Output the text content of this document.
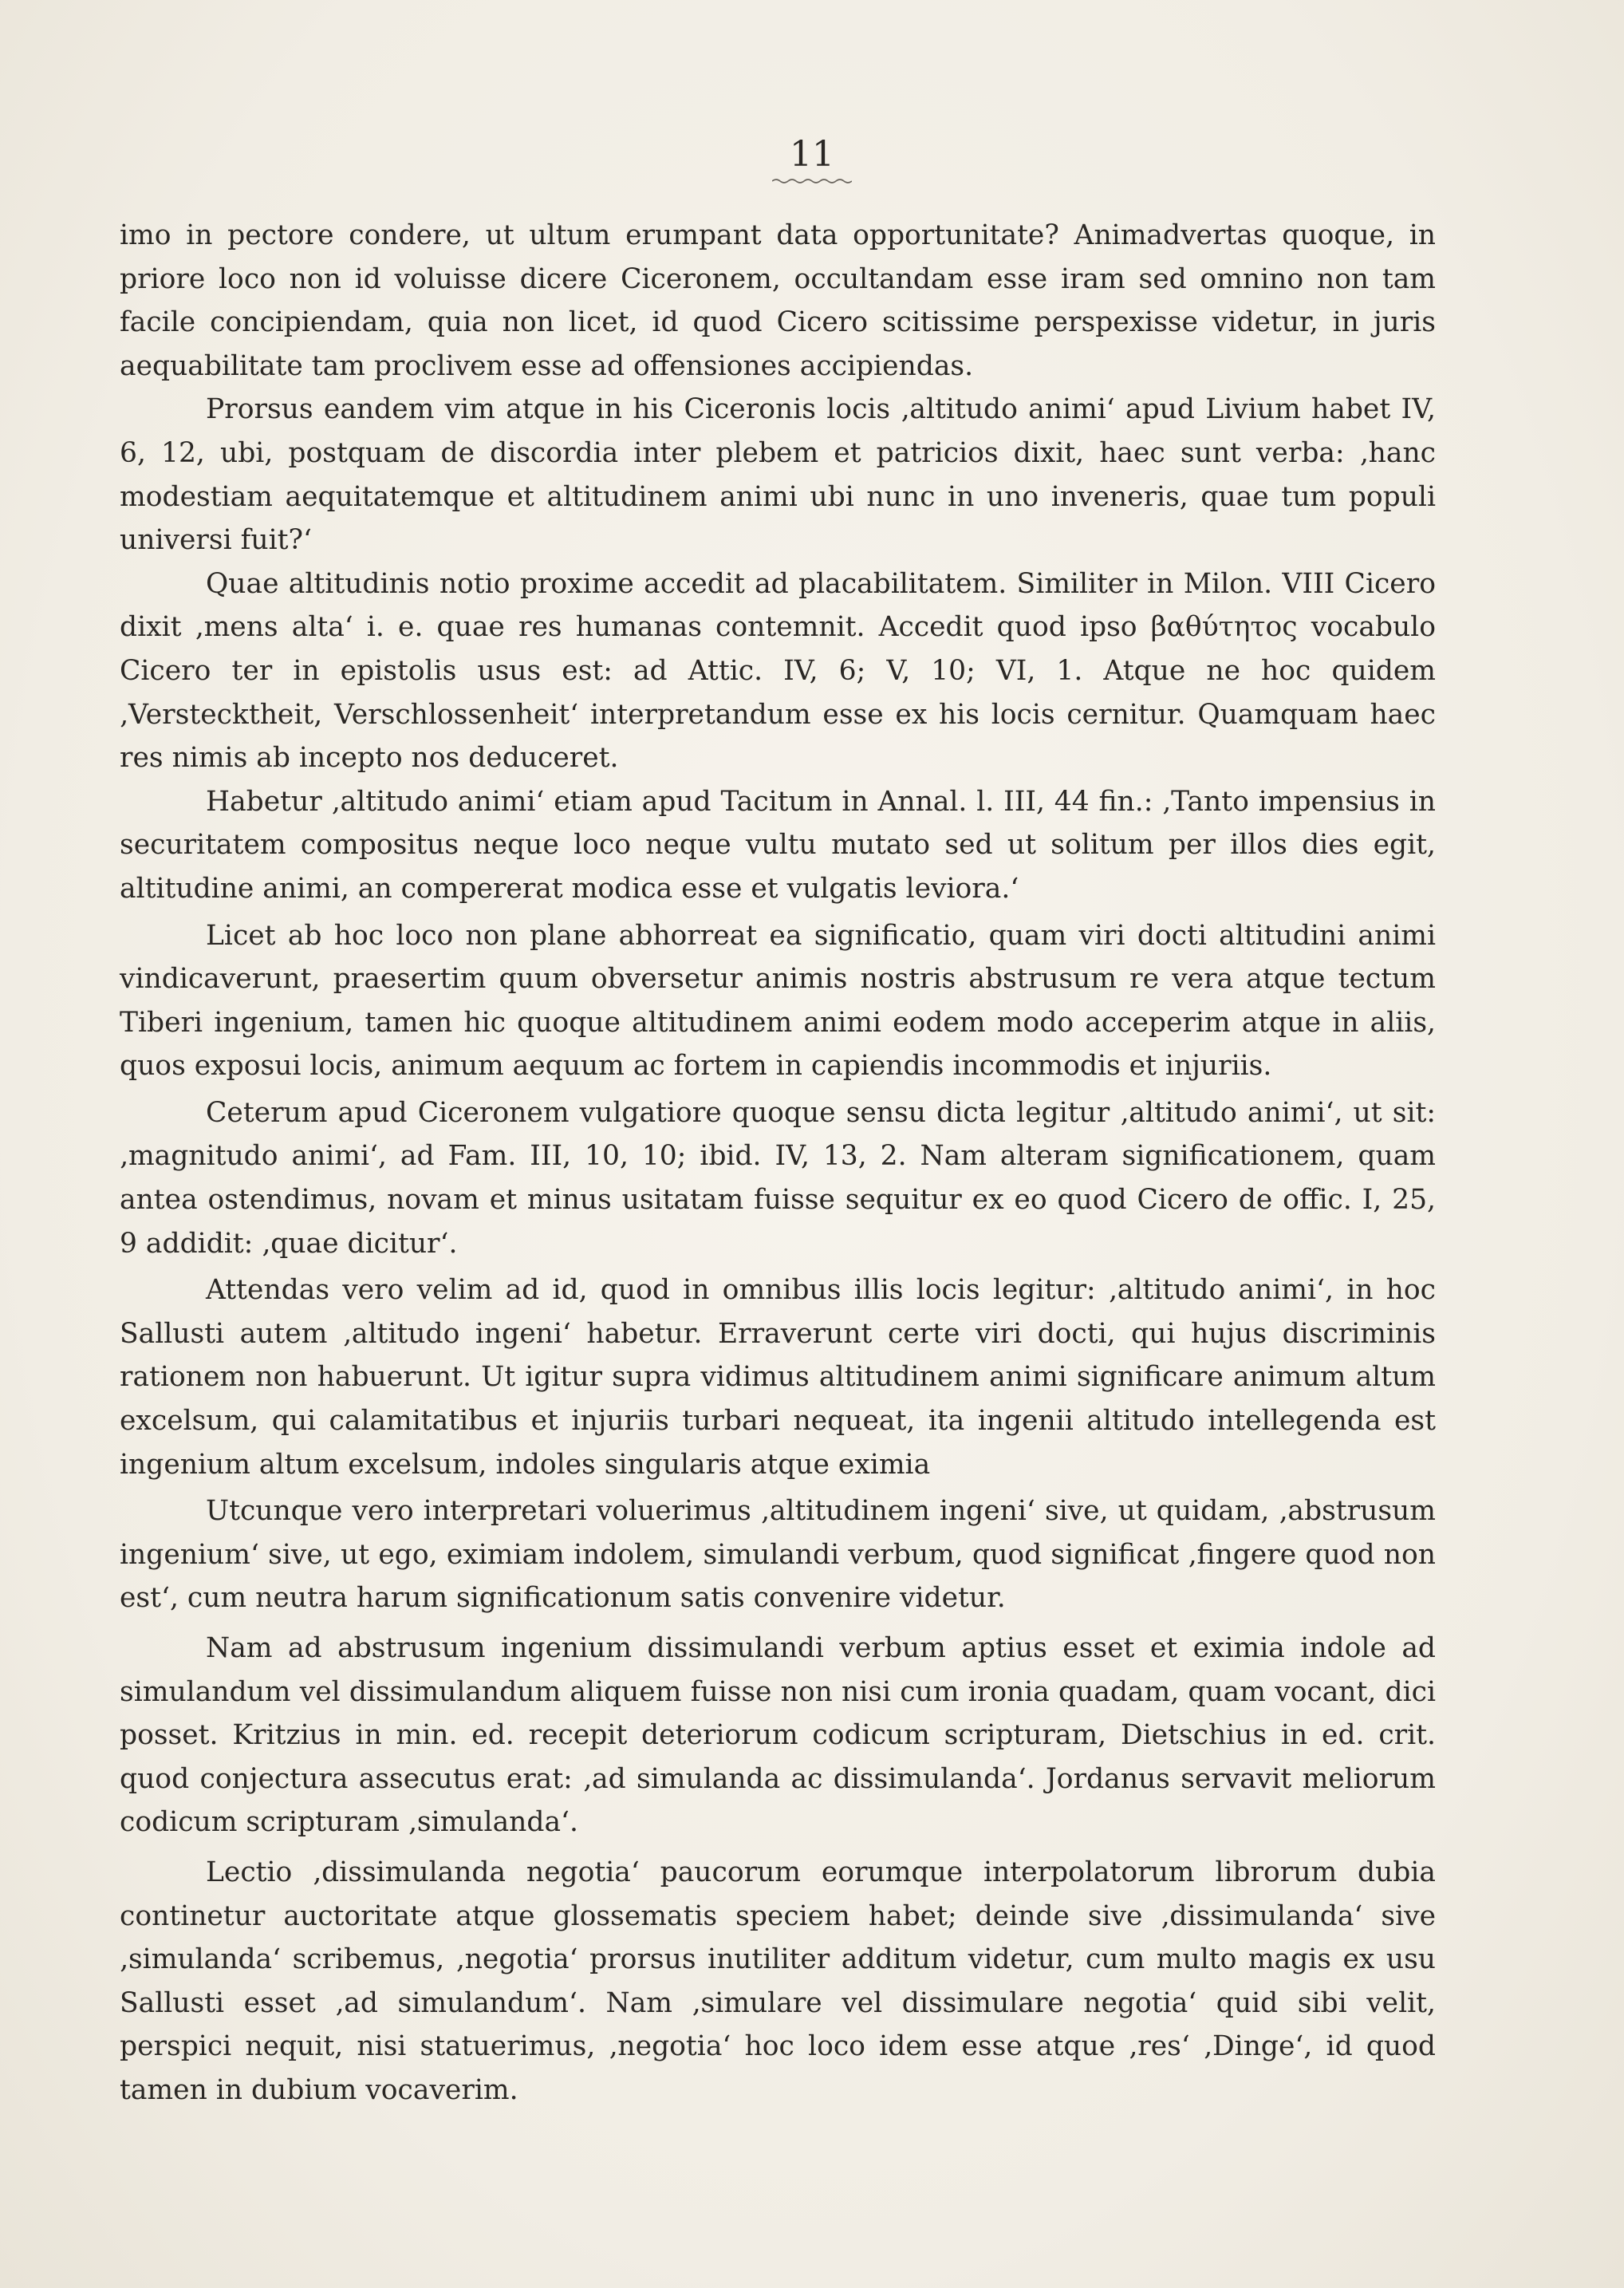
11

imo in pectore condere, ut ultum erumpant data opportunitate? Animadvertas quoque, in priore loco non id voluisse dicere Ciceronem, occultandam esse iram sed omnino non tam facile concipiendam, quia non licet, id quod Cicero scitissime perspexisse videtur, in juris aequabilitate tam proclivem esse ad offensiones accipiendas.

Prorsus eandem vim atque in his Ciceronis locis ‚altitudo animi‘ apud Livium habet IV, 6, 12, ubi, postquam de discordia inter plebem et patricios dixit, haec sunt verba: ‚hanc modestiam aequitatemque et altitudinem animi ubi nunc in uno inveneris, quae tum populi universi fuit?‘

Quae altitudinis notio proxime accedit ad placabilitatem. Similiter in Milon. VIII Cicero dixit ‚mens alta‘ i. e. quae res humanas contemnit. Accedit quod ipso βαθύτητος vocabulo Cicero ter in epistolis usus est: ad Attic. IV, 6; V, 10; VI, 1. Atque ne hoc quidem ‚Verstecktheit, Verschlossenheit‘ interpretandum esse ex his locis cernitur. Quamquam haec res nimis ab incepto nos deduceret.

Habetur ‚altitudo animi‘ etiam apud Tacitum in Annal. l. III, 44 fin.: ‚Tanto impensius in securitatem compositus neque loco neque vultu mutato sed ut solitum per illos dies egit, altitudine animi, an compererat modica esse et vulgatis leviora.‘

Licet ab hoc loco non plane abhorreat ea significatio, quam viri docti altitudini animi vindicaverunt, praesertim quum obversetur animis nostris abstrusum re vera atque tectum Tiberi ingenium, tamen hic quoque altitudinem animi eodem modo acceperim atque in aliis, quos exposui locis, animum aequum ac fortem in capiendis incommodis et injuriis.

Ceterum apud Ciceronem vulgatiore quoque sensu dicta legitur ‚altitudo animi‘, ut sit: ‚magnitudo animi‘, ad Fam. III, 10, 10; ibid. IV, 13, 2. Nam alteram significationem, quam antea ostendimus, novam et minus usitatam fuisse sequitur ex eo quod Cicero de offic. I, 25, 9 addidit: ‚quae dicitur‘.

Attendas vero velim ad id, quod in omnibus illis locis legitur: ‚altitudo animi‘, in hoc Sallusti autem ‚altitudo ingeni‘ habetur. Erraverunt certe viri docti, qui hujus discriminis rationem non habuerunt. Ut igitur supra vidimus altitudinem animi significare animum altum excelsum, qui calamitatibus et injuriis turbari nequeat, ita ingenii altitudo intellegenda est ingenium altum excelsum, indoles singularis atque eximia

Utcunque vero interpretari voluerimus ‚altitudinem ingeni‘ sive, ut quidam, ‚abstrusum ingenium‘ sive, ut ego, eximiam indolem, simulandi verbum, quod significat ‚fingere quod non est‘, cum neutra harum significationum satis convenire videtur.

Nam ad abstrusum ingenium dissimulandi verbum aptius esset et eximia indole ad simulandum vel dissimulandum aliquem fuisse non nisi cum ironia quadam, quam vocant, dici posset. Kritzius in min. ed. recepit deteriorum codicum scripturam, Dietschius in ed. crit. quod conjectura assecutus erat: ‚ad simulanda ac dissimulanda‘. Jordanus servavit meliorum codicum scripturam ‚simulanda‘.

Lectio ‚dissimulanda negotia‘ paucorum eorumque interpolatorum librorum dubia continetur auctoritate atque glossematis speciem habet; deinde sive ‚dissimulanda‘ sive ‚simulanda‘ scribemus, ‚negotia‘ prorsus inutiliter additum videtur, cum multo magis ex usu Sallusti esset ‚ad simulandum‘. Nam ‚simulare vel dissimulare negotia‘ quid sibi velit, perspici nequit, nisi statuerimus, ‚negotia‘ hoc loco idem esse atque ‚res‘ ‚Dinge‘, id quod tamen in dubium vocaverim.
